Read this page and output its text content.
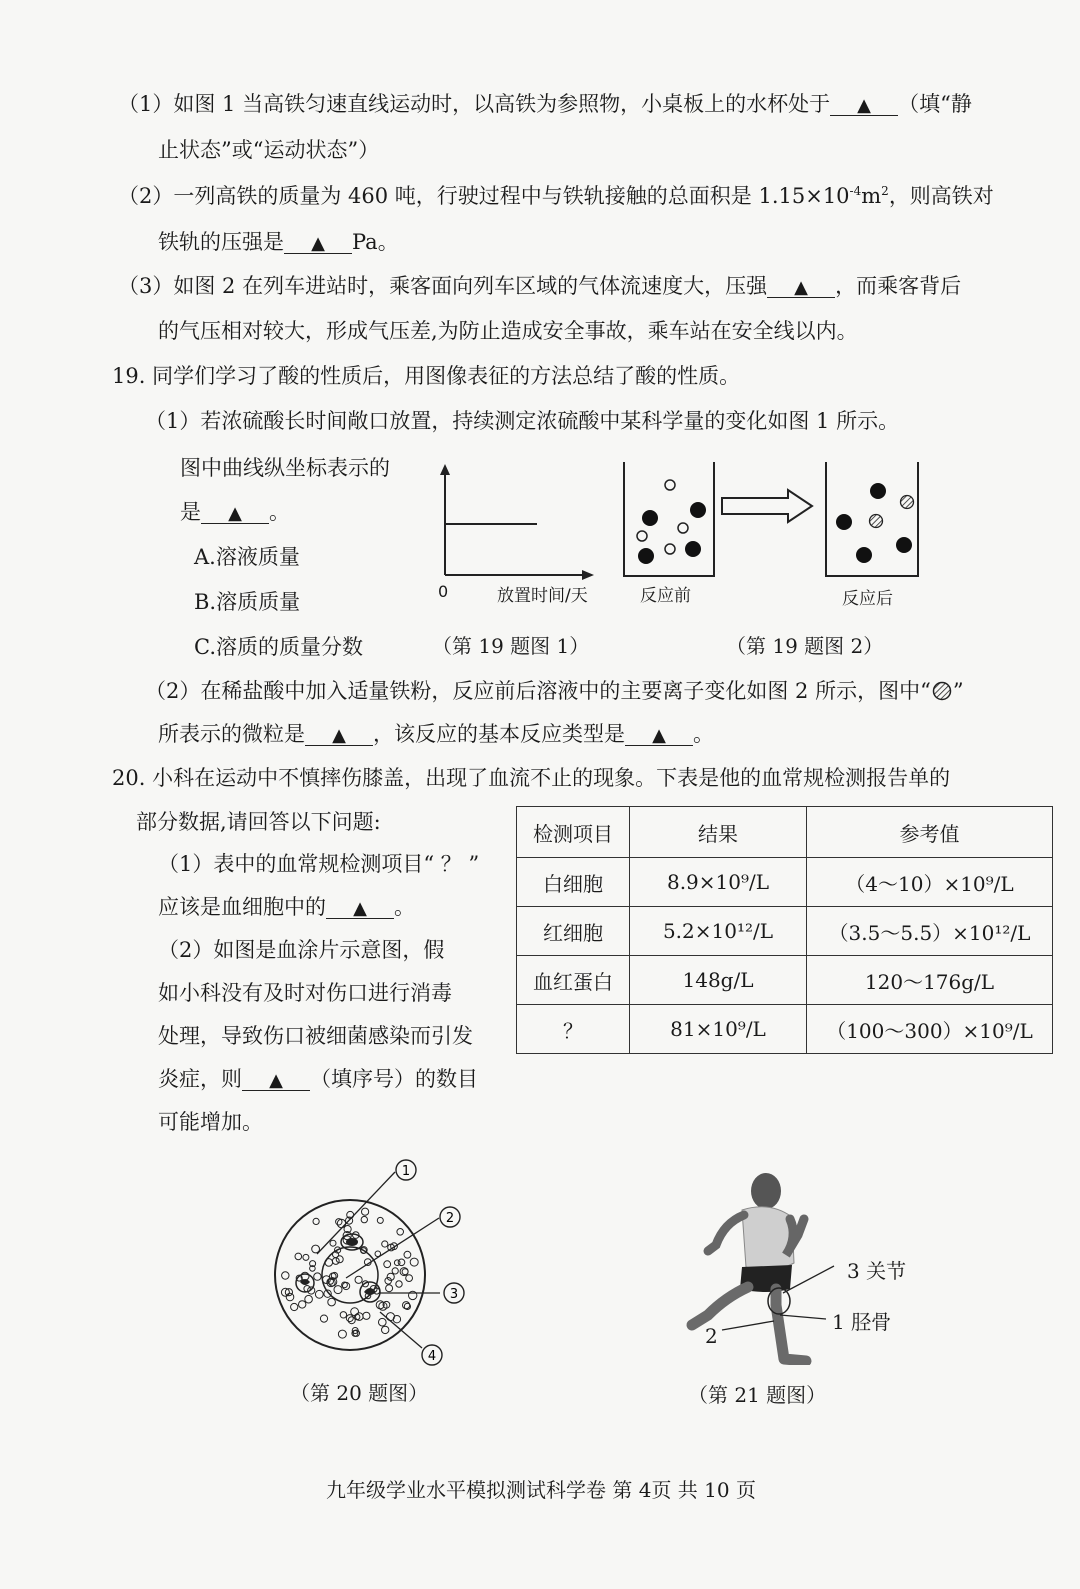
（1）如图 1 当高铁匀速直线运动时，以高铁为参照物，小桌板上的水杯处于 ▲ （填“静
止状态”或“运动状态”）
（2）一列高铁的质量为 460 吨，行驶过程中与铁轨接触的总面积是 $1.15\times 10^{-4}m^2$，则高铁对
铁轨的压强是 ▲ Pa。
（3）如图 2 在列车进站时，乘客面向列车区域的气体流速度大，压强 ▲ ，而乘客背后
的气压相对较大，形成气压差,为防止造成安全事故，乘车站在安全线以内。
19. 同学们学习了酸的性质后，用图像表征的方法总结了酸的性质。
（1）若浓硫酸长时间敞口放置，持续测定浓硫酸中某科学量的变化如图 1 所示。
图中曲线纵坐标表示的
是 ▲ 。
A.溶液质量
B.溶质质量
C.溶质的质量分数
0	放置时间/天
（第 19 题图 1）
反应前	反应后
（第 19 题图 2）
（2）在稀盐酸中加入适量铁粉，反应前后溶液中的主要离子变化如图 2 所示，图中“ ”
所表示的微粒是 ▲ ，该反应的基本反应类型是 ▲ 。
20. 小科在运动中不慎摔伤膝盖，出现了血流不止的现象。下表是他的血常规检测报告单的
部分数据,请回答以下问题:
（1）表中的血常规检测项目“ ？ ”
应该是血细胞中的 ▲ 。
（2）如图是血涂片示意图，假
如小科没有及时对伤口进行消毒
处理，导致伤口被细菌感染而引发
炎症，则 ▲ （填序号）的数目
可能增加。
检测项目	结果	参考值
白细胞	8.9×10⁹/L	（4～10）×10⁹/L
红细胞	5.2×10¹²/L	（3.5～5.5）×10¹²/L
血红蛋白	148g/L	120～176g/L
？	81×10⁹/L	（100～300）×10⁹/L
1
2
3
4
（第 20 题图）
3 关节
1 胫骨
2
（第 21 题图）
九年级学业水平模拟测试科学卷 第 4页 共 10 页
